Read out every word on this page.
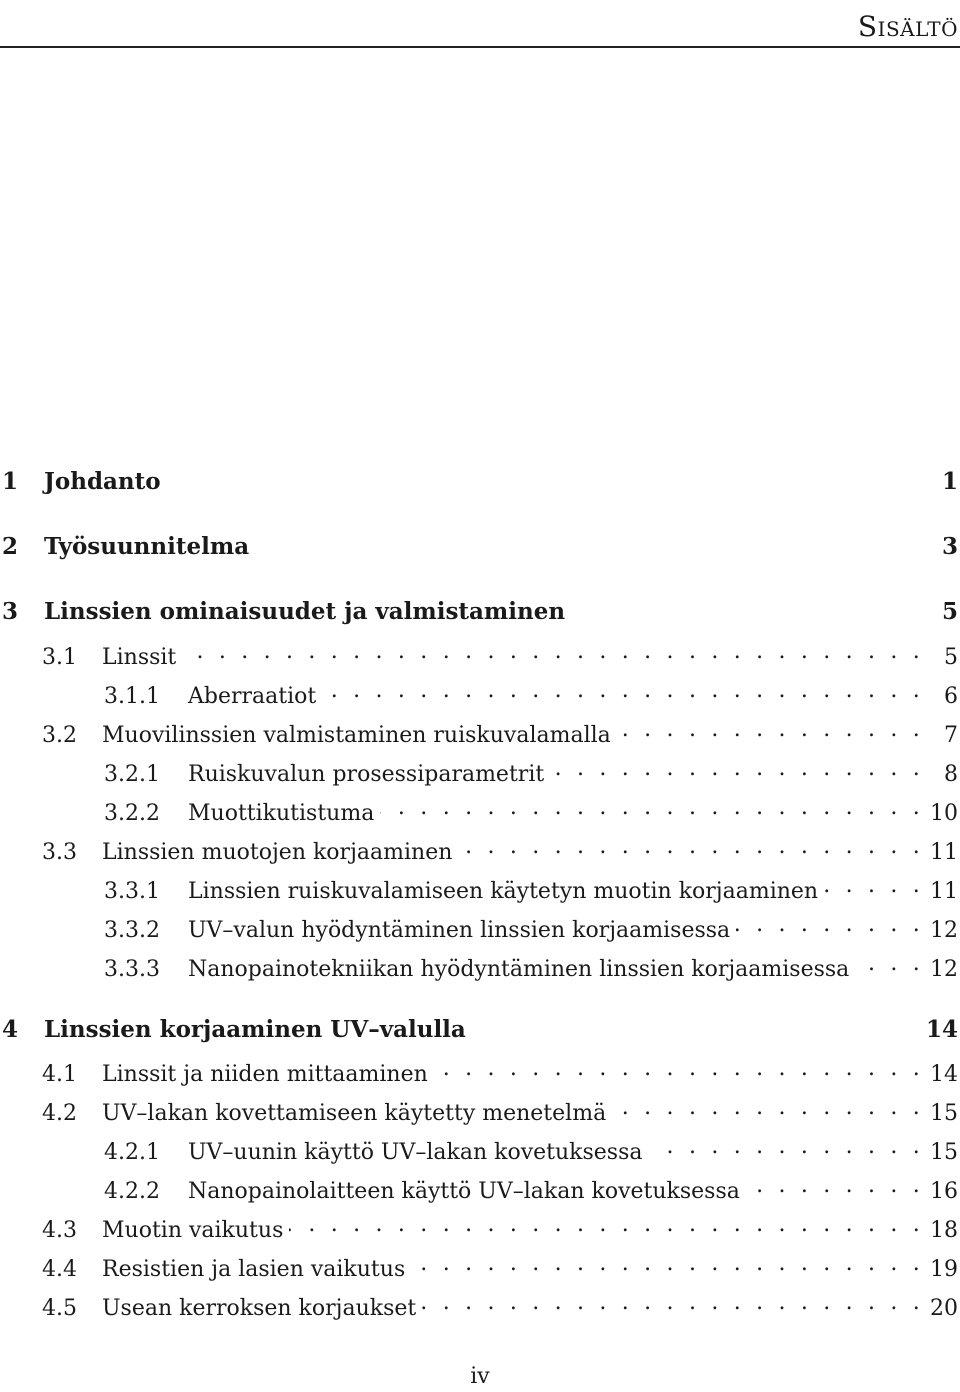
Sisältö
1	Johdanto	1
2	Työsuunnitelma	3
3	Linssien ominaisuudet ja valmistaminen	5
3.1	Linssit . . .	5
3.1.1	Aberraatiot . . .	6
3.2	Muovilinssien valmistaminen ruiskuvalamalla . . .	7
3.2.1	Ruiskuvalun prosessiparametrit . . .	8
3.2.2	Muottikutistuma . . .	10
3.3	Linssien muotojen korjaaminen . . .	11
3.3.1	Linssien ruiskuvalamiseen käytetyn muotin korjaaminen . . .	11
3.3.2	UV–valun hyödyntäminen linssien korjaamisessa . . .	12
3.3.3	Nanopainotekniikan hyödyntäminen linssien korjaamisessa . . .	12
4	Linssien korjaaminen UV–valulla	14
4.1	Linssit ja niiden mittaaminen . . .	14
4.2	UV–lakan kovettamiseen käytetty menetelmä . . .	15
4.2.1	UV–uunin käyttö UV–lakan kovetuksessa . . .	15
4.2.2	Nanopainolaitteen käyttö UV–lakan kovetuksessa . . .	16
4.3	Muotin vaikutus . . .	18
4.4	Resistien ja lasien vaikutus . . .	19
4.5	Usean kerroksen korjaukset . . .	20
iv
